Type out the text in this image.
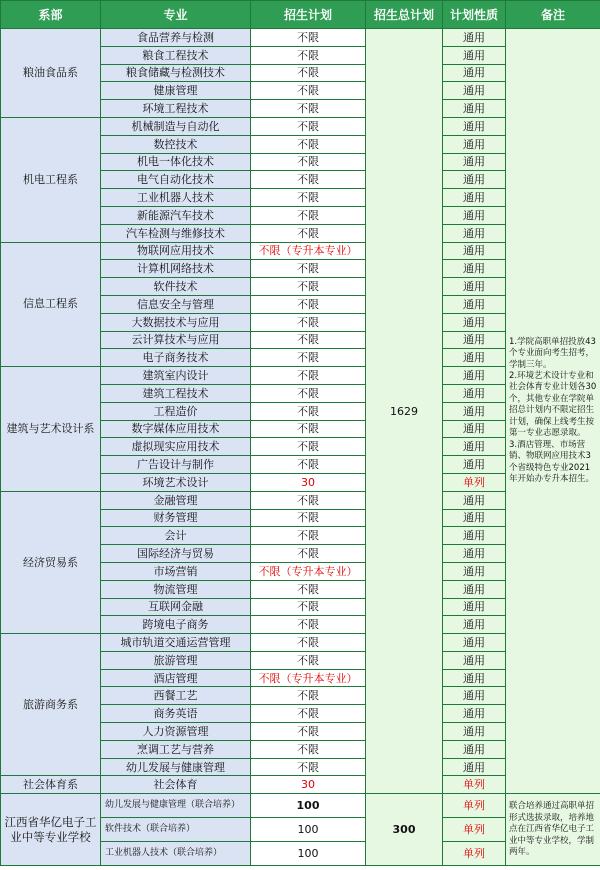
系部	专业	招生计划	招生总计划	计划性质	备注
粮油食品系	食品营养与检测	不限	1629	通用	1.学院高职单招投放43个专业面向考生招考，学制三年。
2.环境艺术设计专业和社会体育专业计划各30个，其他专业在学院单招总计划内不限定招生计划，确保上线考生按第一专业志愿录取。
3.酒店管理、市场营销、物联网应用技术3个省级特色专业2021年开始办专升本招生。
	粮食工程技术	不限		通用	
	粮食储藏与检测技术	不限		通用	
	健康管理	不限		通用	
	环境工程技术	不限		通用	
机电工程系	机械制造与自动化	不限		通用	
	数控技术	不限		通用	
	机电一体化技术	不限		通用	
	电气自动化技术	不限		通用	
	工业机器人技术	不限		通用	
	新能源汽车技术	不限		通用	
	汽车检测与维修技术	不限		通用	
信息工程系	物联网应用技术	不限（专升本专业）		通用	
	计算机网络技术	不限		通用	
	软件技术	不限		通用	
	信息安全与管理	不限		通用	
	大数据技术与应用	不限		通用	
	云计算技术与应用	不限		通用	
	电子商务技术	不限		通用	
建筑与艺术设计系	建筑室内设计	不限		通用	
	建筑工程技术	不限		通用	
	工程造价	不限		通用	
	数字媒体应用技术	不限		通用	
	虚拟现实应用技术	不限		通用	
	广告设计与制作	不限		通用	
	环境艺术设计	30		单列	
经济贸易系	金融管理	不限		通用	
	财务管理	不限		通用	
	会计	不限		通用	
	国际经济与贸易	不限		通用	
	市场营销	不限（专升本专业）		通用	
	物流管理	不限		通用	
	互联网金融	不限		通用	
	跨境电子商务	不限		通用	
旅游商务系	城市轨道交通运营管理	不限		通用	
	旅游管理	不限		通用	
	酒店管理	不限（专升本专业）		通用	
	西餐工艺	不限		通用	
	商务英语	不限		通用	
	人力资源管理	不限		通用	
	烹调工艺与营养	不限		通用	
	幼儿发展与健康管理	不限		通用	
社会体育系	社会体育	30		单列	
江西省华亿电子工业中等专业学校	幼儿发展与健康管理（联合培养）	100	300	单列	联合培养通过高职单招形式选拔录取，培养地点在江西省华亿电子工业中等专业学校，学制两年。
	软件技术（联合培养）	100		单列	
	工业机器人技术（联合培养）	100		单列	
